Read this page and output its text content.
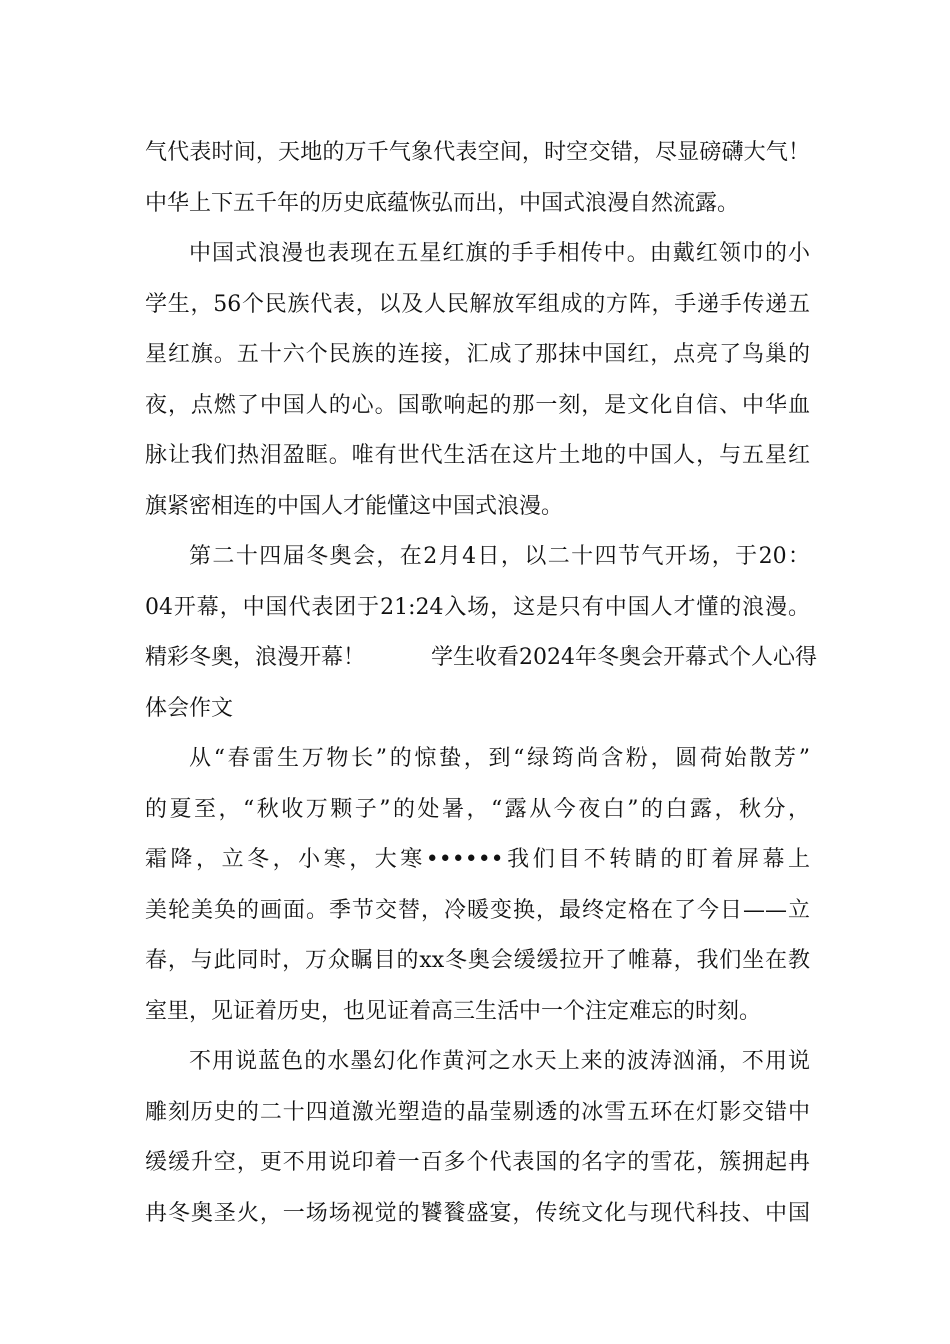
气代表时间，天地的万千气象代表空间，时空交错，尽显磅礴大气！
中华上下五千年的历史底蕴恢弘而出，中国式浪漫自然流露。
中国式浪漫也表现在五星红旗的手手相传中。由戴红领巾的小
学生，56个民族代表，以及人民解放军组成的方阵，手递手传递五
星红旗。五十六个民族的连接，汇成了那抹中国红，点亮了鸟巢的
夜，点燃了中国人的心。国歌响起的那一刻，是文化自信、中华血
脉让我们热泪盈眶。唯有世代生活在这片土地的中国人，与五星红
旗紧密相连的中国人才能懂这中国式浪漫。
第二十四届冬奥会，在2月4日，以二十四节气开场，于20：
04开幕，中国代表团于21:24入场，这是只有中国人才懂的浪漫。
精彩冬奥，浪漫开幕！　　　学生收看2024年冬奥会开幕式个人心得
体会作文
从“春雷生万物长”的惊蛰，到“绿筠尚含粉，圆荷始散芳”
的夏至，“秋收万颗子”的处暑，“露从今夜白”的白露，秋分，
霜降，立冬，小寒，大寒••••••我们目不转睛的盯着屏幕上
美轮美奂的画面。季节交替，冷暖变换，最终定格在了今日——立
春，与此同时，万众瞩目的xx冬奥会缓缓拉开了帷幕，我们坐在教
室里，见证着历史，也见证着高三生活中一个注定难忘的时刻。
不用说蓝色的水墨幻化作黄河之水天上来的波涛汹涌，不用说
雕刻历史的二十四道激光塑造的晶莹剔透的冰雪五环在灯影交错中
缓缓升空，更不用说印着一百多个代表国的名字的雪花，簇拥起冉
冉冬奥圣火，一场场视觉的饕餮盛宴，传统文化与现代科技、中国
